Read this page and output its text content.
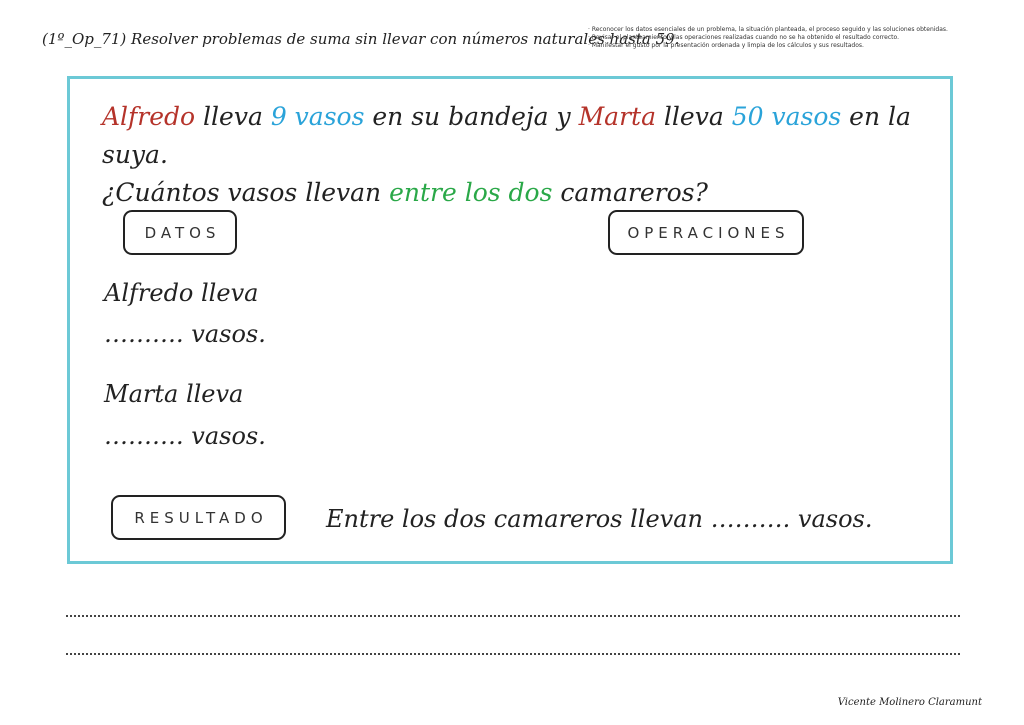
(1º_Op_71) Resolver problemas de suma sin llevar con números naturales hasta 59.
· Reconocer los datos esenciales de un problema, la situación planteada, el proceso seguido y las soluciones obtenidas.
· Revisar el planteamiento y las operaciones realizadas cuando no se ha obtenido el resultado correcto.
· Manifestar el gusto por la presentación ordenada y limpia de los cálculos y sus resultados.
Alfredo lleva 9 vasos en su bandeja y Marta lleva 50 vasos en la suya.
¿Cuántos vasos llevan entre los dos camareros?
DATOS	OPERACIONES
Alfredo lleva
………. vasos.
Marta lleva
………. vasos.
RESULTADO	Entre los dos camareros llevan ………. vasos.
Vicente Molinero Claramunt
